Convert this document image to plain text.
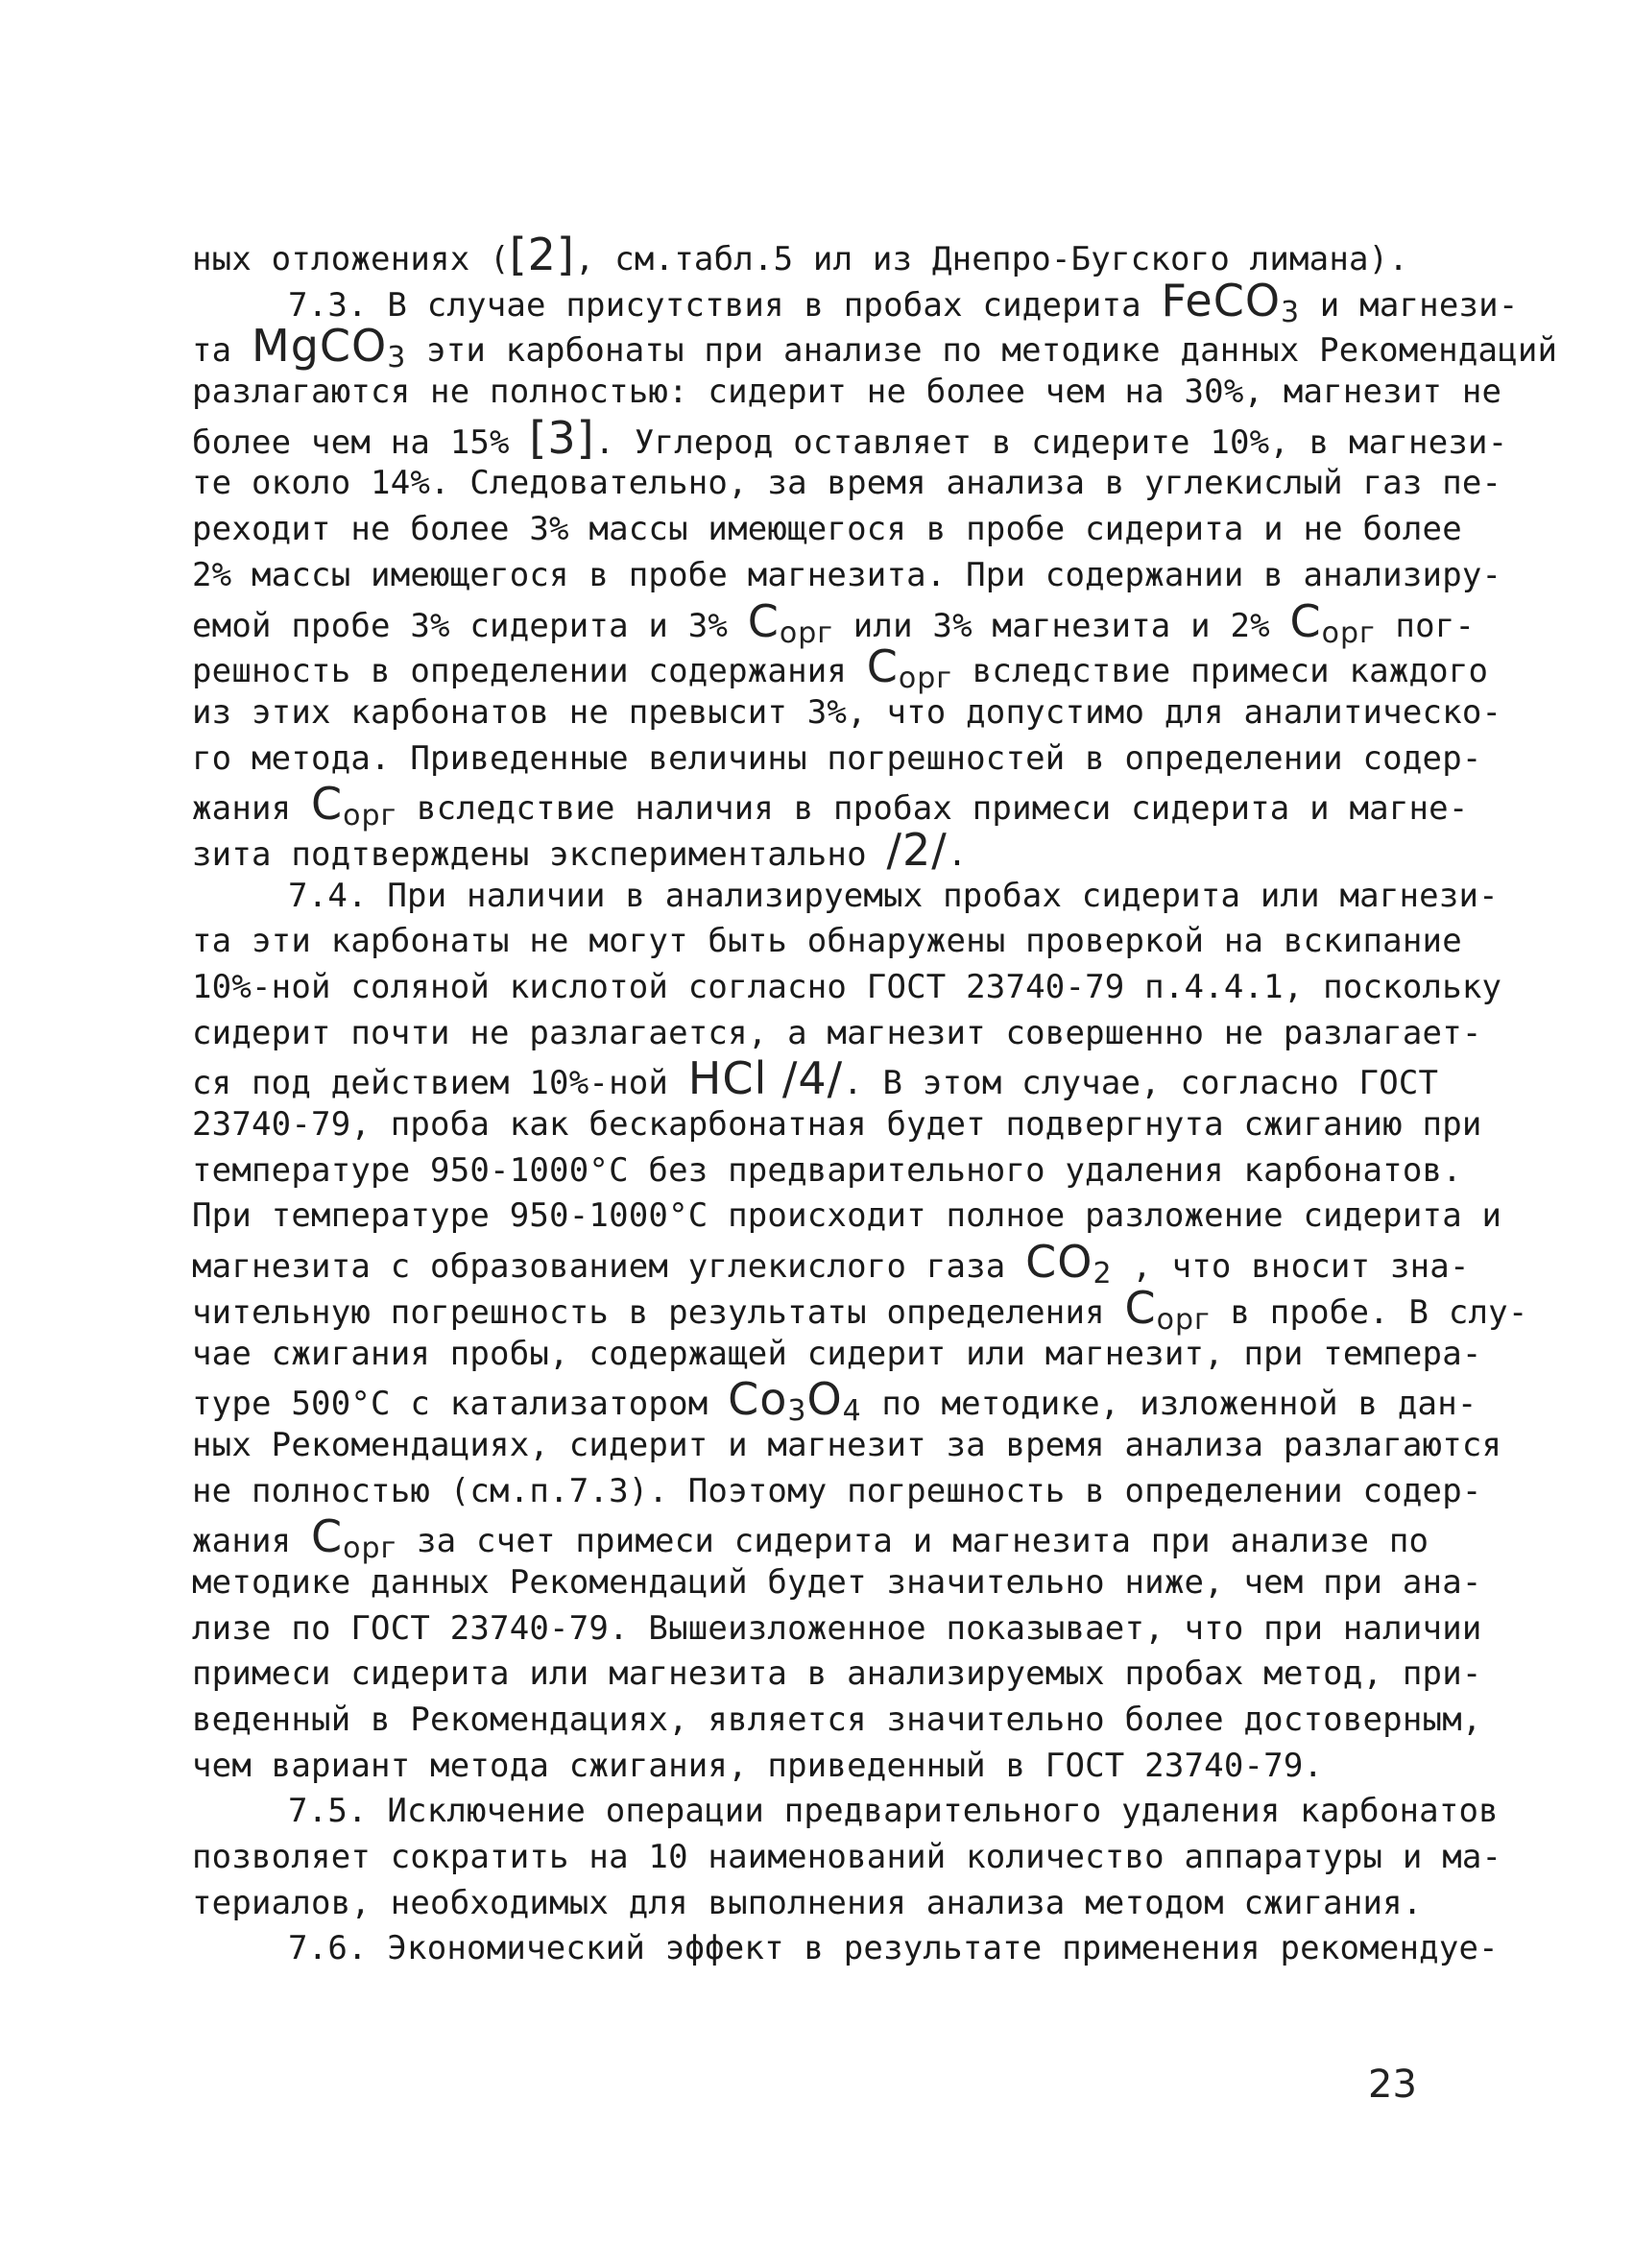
ных отложениях ([2], см.табл.5 ил из Днепро-Бугского лимана).
7.3. В случае присутствия в пробах сидерита FeCO3 и магнези-
та MgCO3 эти карбонаты при анализе по методике данных Рекомендаций
разлагаются не полностью: сидерит не более чем на 30%, магнезит не
более чем на 15% [3]. Углерод оставляет в сидерите 10%, в магнези-
те около 14%. Следовательно, за время анализа в углекислый газ пе-
реходит не более 3% массы имеющегося в пробе сидерита и не более
2% массы имеющегося в пробе магнезита. При содержании в анализиру-
емой пробе 3% сидерита и 3% Cорг или 3% магнезита и 2% Cорг пог-
решность в определении содержания Cорг вследствие примеси каждого
из этих карбонатов не превысит 3%, что допустимо для аналитическо-
го метода. Приведенные величины погрешностей в определении содер-
жания Cорг вследствие наличия в пробах примеси сидерита и магне-
зита подтверждены экспериментально /2/.
7.4. При наличии в анализируемых пробах сидерита или магнези-
та эти карбонаты не могут быть обнаружены проверкой на вскипание
10%-ной соляной кислотой согласно ГОСТ 23740-79 п.4.4.1, поскольку
сидерит почти не разлагается, а магнезит совершенно не разлагает-
ся под действием 10%-ной HCl /4/. В этом случае, согласно ГОСТ
23740-79, проба как бескарбонатная будет подвергнута сжиганию при
температуре 950-1000°С без предварительного удаления карбонатов.
При температуре 950-1000°С происходит полное разложение сидерита и
магнезита с образованием углекислого газа CO2 , что вносит зна-
чительную погрешность в результаты определения Cорг в пробе. В слу-
чае сжигания пробы, содержащей сидерит или магнезит, при темпера-
туре 500°С с катализатором Co3O4 по методике, изложенной в дан-
ных Рекомендациях, сидерит и магнезит за время анализа разлагаются
не полностью (см.п.7.3). Поэтому погрешность в определении содер-
жания Cорг за счет примеси сидерита и магнезита при анализе по
методике данных Рекомендаций будет значительно ниже, чем при ана-
лизе по ГОСТ 23740-79. Вышеизложенное показывает, что при наличии
примеси сидерита или магнезита в анализируемых пробах метод, при-
веденный в Рекомендациях, является значительно более достоверным,
чем вариант метода сжигания, приведенный в ГОСТ 23740-79.
7.5. Исключение операции предварительного удаления карбонатов
позволяет сократить на 10 наименований количество аппаратуры и ма-
териалов, необходимых для выполнения анализа методом сжигания.
7.6. Экономический эффект в результате применения рекомендуе-
23
